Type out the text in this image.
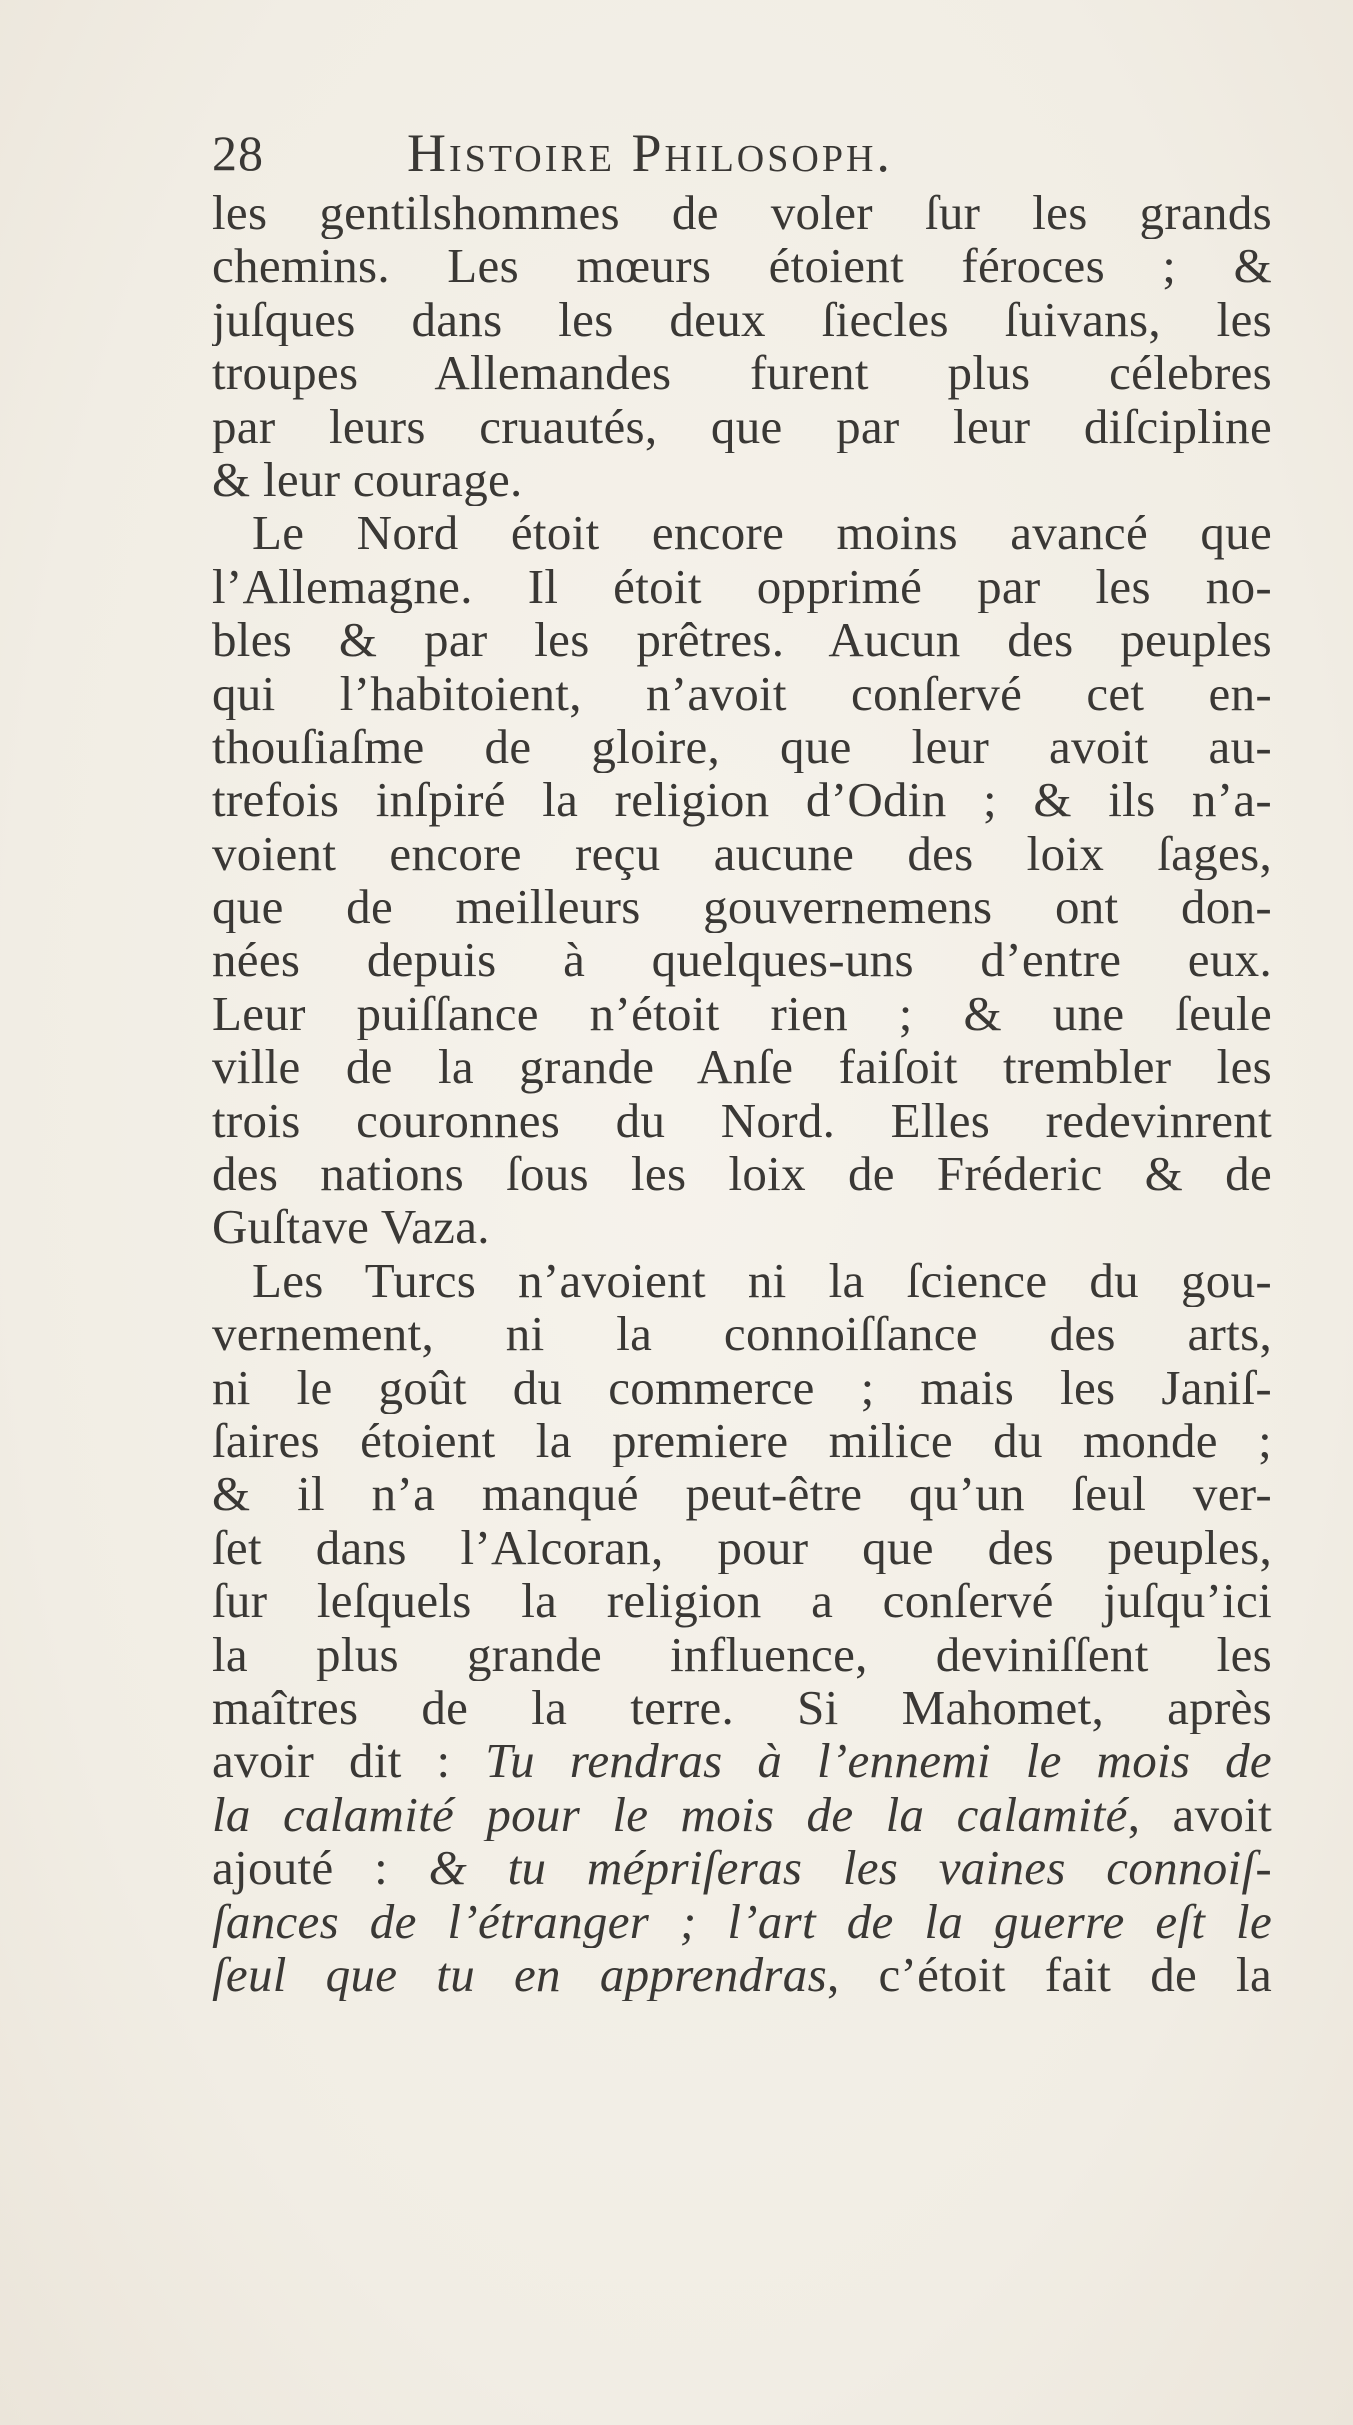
28	Histoire Philosoph.
les gentilshommes de voler ſur les grands
chemins. Les mœurs étoient féroces ; &
juſques dans les deux ſiecles ſuivans, les
troupes Allemandes furent plus célebres
par leurs cruautés, que par leur diſcipline
& leur courage.
Le Nord étoit encore moins avancé que
l’Allemagne. Il étoit opprimé par les no-
bles & par les prêtres. Aucun des peuples
qui l’habitoient, n’avoit conſervé cet en-
thouſiaſme de gloire, que leur avoit au-
trefois inſpiré la religion d’Odin ; & ils n’a-
voient encore reçu aucune des loix ſages,
que de meilleurs gouvernemens ont don-
nées depuis à quelques-uns d’entre eux.
Leur puiſſance n’étoit rien ; & une ſeule
ville de la grande Anſe faiſoit trembler les
trois couronnes du Nord. Elles redevinrent
des nations ſous les loix de Fréderic & de
Guſtave Vaza.
Les Turcs n’avoient ni la ſcience du gou-
vernement, ni la connoiſſance des arts,
ni le goût du commerce ; mais les Janiſ-
ſaires étoient la premiere milice du monde ;
& il n’a manqué peut-être qu’un ſeul ver-
ſet dans l’Alcoran, pour que des peuples,
ſur leſquels la religion a conſervé juſqu’ici
la plus grande influence, deviniſſent les
maîtres de la terre. Si Mahomet, après
avoir dit : Tu rendras à l’ennemi le mois de
la calamité pour le mois de la calamité, avoit
ajouté : & tu mépriſeras les vaines connoiſ-
ſances de l’étranger ; l’art de la guerre eſt le
ſeul que tu en apprendras, c’étoit fait de la
